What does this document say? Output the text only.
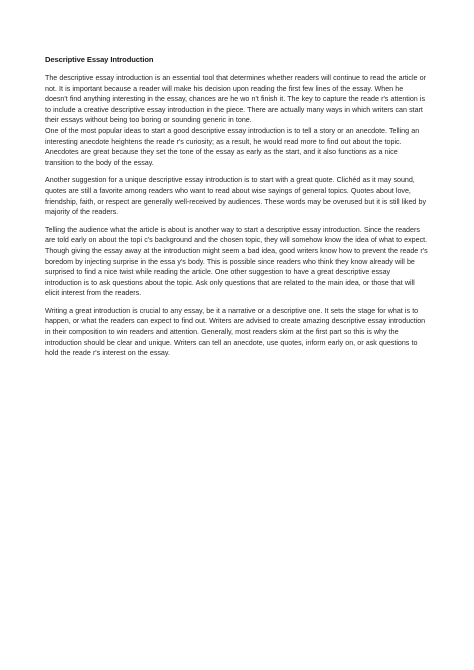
Descriptive Essay Introduction

The descriptive essay introduction is an essential tool that determines whether readers will continue to read the article or not. It is important because a reader will make his decision upon reading the first few lines of the essay. When he doesn't find anything interesting in the essay, chances are he wo n't finish it. The key to capture the reade r's attention is to include a creative descriptive essay introduction in the piece. There are actually many ways in which writers can start their essays without being too boring or sounding generic in tone.

One of the most popular ideas to start a good descriptive essay introduction is to tell a story or an anecdote. Telling an interesting anecdote heightens the reade r's curiosity; as a result, he would read more to find out about the topic. Anecdotes are great because they set the tone of the essay as early as the start, and it also functions as a nice transition to the body of the essay.

Another suggestion for a unique descriptive essay introduction is to start with a great quote. Clichéd as it may sound, quotes are still a favorite among readers who want to read about wise sayings of general topics. Quotes about love, friendship, faith, or respect are generally well-received by audiences. These words may be overused but it is still liked by majority of the readers.

Telling the audience what the article is about is another way to start a descriptive essay introduction. Since the readers are told early on about the topi c's background and the chosen topic, they will somehow know the idea of what to expect. Though giving the essay away at the introduction might seem a bad idea, good writers know how to prevent the reade r's boredom by injecting surprise in the essa y's body. This is possible since readers who think they know already will be surprised to find a nice twist while reading the article. One other suggestion to have a great descriptive essay introduction is to ask questions about the topic. Ask only questions that are related to the main idea, or those that will elicit interest from the readers.

Writing a great introduction is crucial to any essay, be it a narrative or a descriptive one. It sets the stage for what is to happen, or what the readers can expect to find out. Writers are advised to create amazing descriptive essay introduction in their composition to win readers and attention. Generally, most readers skim at the first part so this is why the introduction should be clear and unique. Writers can tell an anecdote, use quotes, inform early on, or ask questions to hold the reade r's interest on the essay.
